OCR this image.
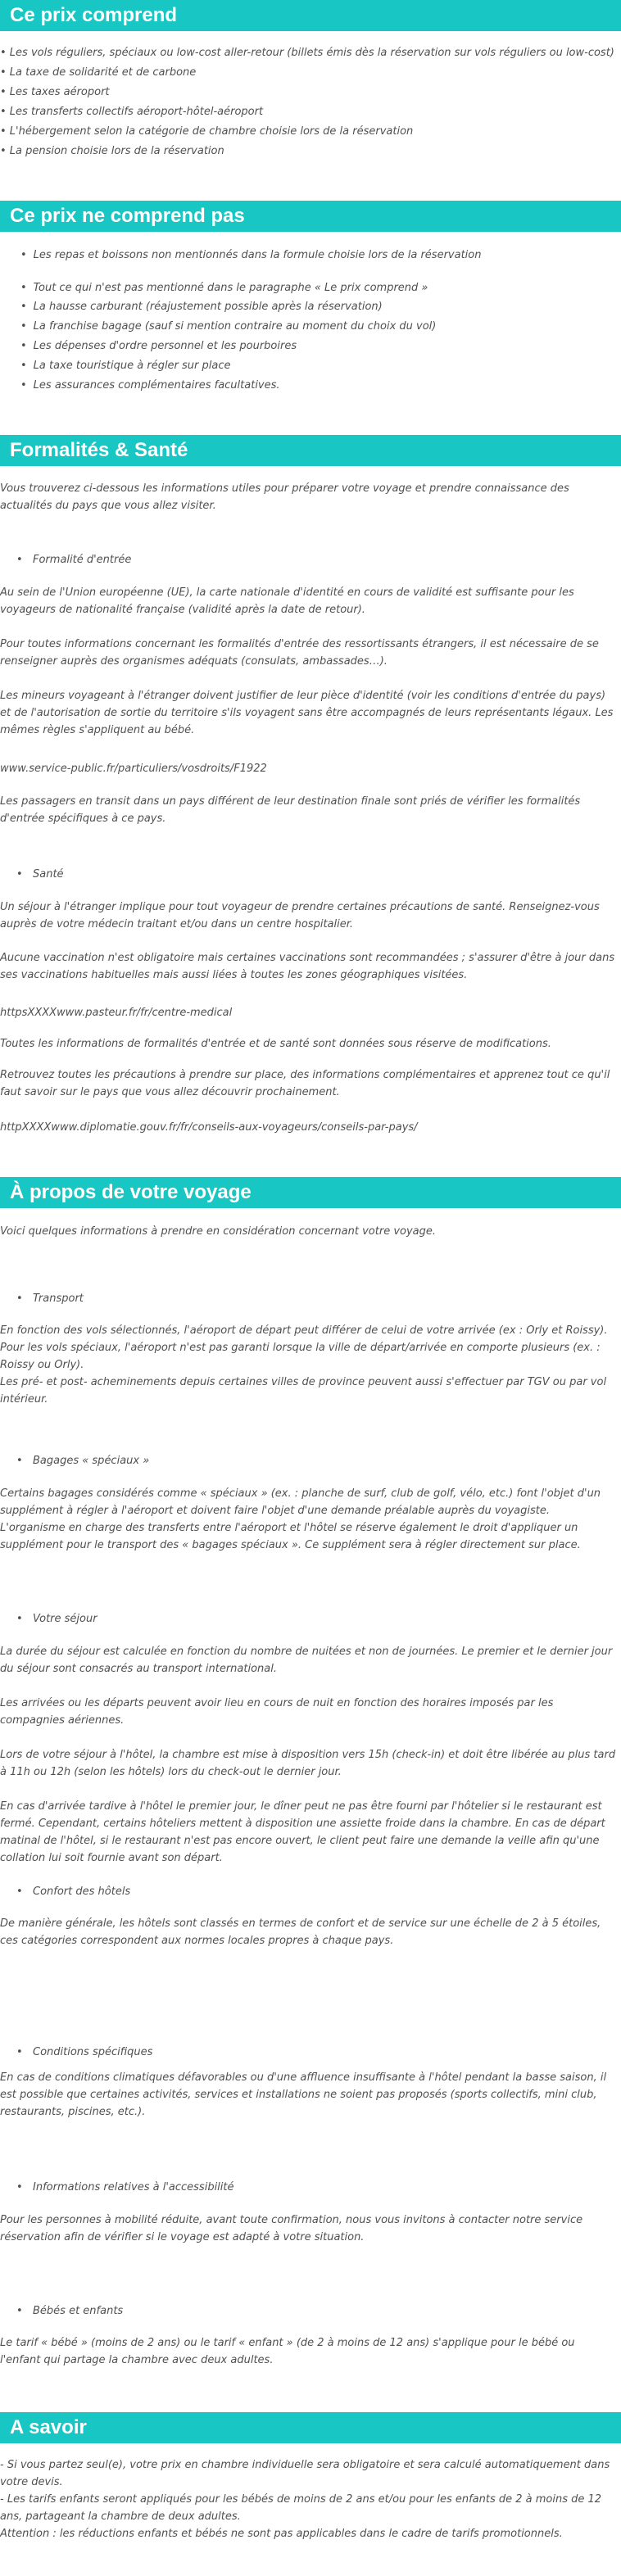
Ce prix comprend

• Les vols réguliers, spéciaux ou low-cost aller-retour (billets émis dès la réservation sur vols réguliers ou low-cost)

• La taxe de solidarité et de carbone

• Les taxes aéroport

• Les transferts collectifs aéroport-hôtel-aéroport

• L'hébergement selon la catégorie de chambre choisie lors de la réservation

• La pension choisie lors de la réservation

Ce prix ne comprend pas

• Les repas et boissons non mentionnés dans la formule choisie lors de la réservation

• Tout ce qui n'est pas mentionné dans le paragraphe « Le prix comprend »

• La hausse carburant (réajustement possible après la réservation)

• La franchise bagage (sauf si mention contraire au moment du choix du vol)

• Les dépenses d'ordre personnel et les pourboires

• La taxe touristique à régler sur place

• Les assurances complémentaires facultatives.

Formalités & Santé

Vous trouverez ci-dessous les informations utiles pour préparer votre voyage et prendre connaissance des actualités du pays que vous allez visiter.

• Formalité d'entrée

Au sein de l'Union européenne (UE), la carte nationale d'identité en cours de validité est suffisante pour les voyageurs de nationalité française (validité après la date de retour).

Pour toutes informations concernant les formalités d'entrée des ressortissants étrangers, il est nécessaire de se renseigner auprès des organismes adéquats (consulats, ambassades…).

Les mineurs voyageant à l'étranger doivent justifier de leur pièce d'identité (voir les conditions d'entrée du pays) et de l'autorisation de sortie du territoire s'ils voyagent sans être accompagnés de leurs représentants légaux. Les mêmes règles s'appliquent au bébé.

www.service-public.fr/particuliers/vosdroits/F1922

Les passagers en transit dans un pays différent de leur destination finale sont priés de vérifier les formalités d'entrée spécifiques à ce pays.

• Santé

Un séjour à l'étranger implique pour tout voyageur de prendre certaines précautions de santé. Renseignez-vous auprès de votre médecin traitant et/ou dans un centre hospitalier.

Aucune vaccination n'est obligatoire mais certaines vaccinations sont recommandées ; s'assurer d'être à jour dans ses vaccinations habituelles mais aussi liées à toutes les zones géographiques visitées.

httpsXXXXwww.pasteur.fr/fr/centre-medical

Toutes les informations de formalités d'entrée et de santé sont données sous réserve de modifications.

Retrouvez toutes les précautions à prendre sur place, des informations complémentaires et apprenez tout ce qu'il faut savoir sur le pays que vous allez découvrir prochainement.

httpXXXXwww.diplomatie.gouv.fr/fr/conseils-aux-voyageurs/conseils-par-pays/

À propos de votre voyage

Voici quelques informations à prendre en considération concernant votre voyage.

• Transport

En fonction des vols sélectionnés, l'aéroport de départ peut différer de celui de votre arrivée (ex : Orly et Roissy). Pour les vols spéciaux, l'aéroport n'est pas garanti lorsque la ville de départ/arrivée en comporte plusieurs (ex. : Roissy ou Orly).

Les pré- et post- acheminements depuis certaines villes de province peuvent aussi s'effectuer par TGV ou par vol intérieur.

• Bagages « spéciaux »

Certains bagages considérés comme « spéciaux » (ex. : planche de surf, club de golf, vélo, etc.) font l'objet d'un supplément à régler à l'aéroport et doivent faire l'objet d'une demande préalable auprès du voyagiste. L'organisme en charge des transferts entre l'aéroport et l'hôtel se réserve également le droit d'appliquer un supplément pour le transport des « bagages spéciaux ». Ce supplément sera à régler directement sur place.

• Votre séjour

La durée du séjour est calculée en fonction du nombre de nuitées et non de journées. Le premier et le dernier jour du séjour sont consacrés au transport international.

Les arrivées ou les départs peuvent avoir lieu en cours de nuit en fonction des horaires imposés par les compagnies aériennes.

Lors de votre séjour à l'hôtel, la chambre est mise à disposition vers 15h (check-in) et doit être libérée au plus tard à 11h ou 12h (selon les hôtels) lors du check-out le dernier jour.

En cas d'arrivée tardive à l'hôtel le premier jour, le dîner peut ne pas être fourni par l'hôtelier si le restaurant est fermé. Cependant, certains hôteliers mettent à disposition une assiette froide dans la chambre. En cas de départ matinal de l'hôtel, si le restaurant n'est pas encore ouvert, le client peut faire une demande la veille afin qu'une collation lui soit fournie avant son départ.

• Confort des hôtels

De manière générale, les hôtels sont classés en termes de confort et de service sur une échelle de 2 à 5 étoiles, ces catégories correspondent aux normes locales propres à chaque pays.

• Conditions spécifiques

En cas de conditions climatiques défavorables ou d'une affluence insuffisante à l'hôtel pendant la basse saison, il est possible que certaines activités, services et installations ne soient pas proposés (sports collectifs, mini club, restaurants, piscines, etc.).

• Informations relatives à l'accessibilité

Pour les personnes à mobilité réduite, avant toute confirmation, nous vous invitons à contacter notre service réservation afin de vérifier si le voyage est adapté à votre situation.

• Bébés et enfants

Le tarif « bébé » (moins de 2 ans) ou le tarif « enfant » (de 2 à moins de 12 ans) s'applique pour le bébé ou l'enfant qui partage la chambre avec deux adultes.

A savoir

- Si vous partez seul(e), votre prix en chambre individuelle sera obligatoire et sera calculé automatiquement dans votre devis.

- Les tarifs enfants seront appliqués pour les bébés de moins de 2 ans et/ou pour les enfants de 2 à moins de 12 ans, partageant la chambre de deux adultes.

Attention : les réductions enfants et bébés ne sont pas applicables dans le cadre de tarifs promotionnels.
